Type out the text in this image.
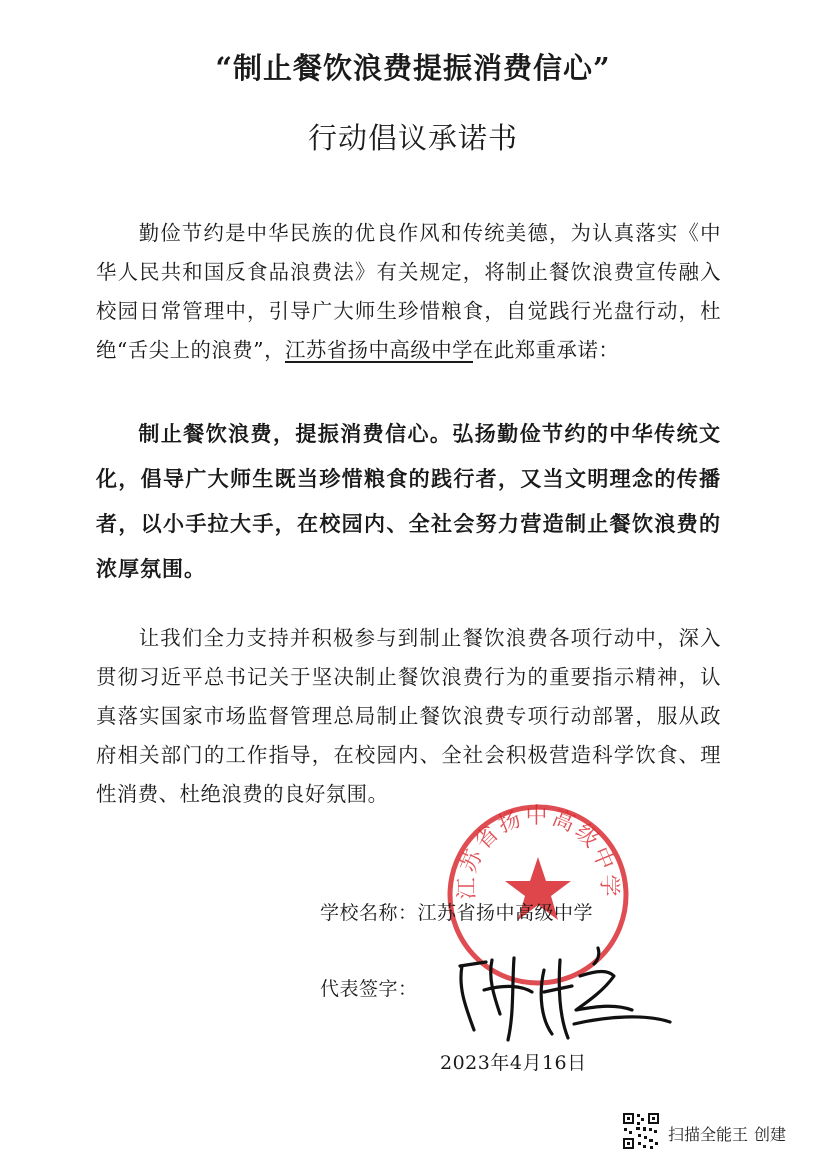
“制止餐饮浪费提振消费信心”
行动倡议承诺书
勤俭节约是中华民族的优良作风和传统美德，为认真落实《中华人民共和国反食品浪费法》有关规定，将制止餐饮浪费宣传融入校园日常管理中，引导广大师生珍惜粮食，自觉践行光盘行动，杜绝“舌尖上的浪费”，江苏省扬中高级中学在此郑重承诺：
制止餐饮浪费，提振消费信心。弘扬勤俭节约的中华传统文化，倡导广大师生既当珍惜粮食的践行者，又当文明理念的传播者，以小手拉大手，在校园内、全社会努力营造制止餐饮浪费的浓厚氛围。
让我们全力支持并积极参与到制止餐饮浪费各项行动中，深入贯彻习近平总书记关于坚决制止餐饮浪费行为的重要指示精神，认真落实国家市场监督管理总局制止餐饮浪费专项行动部署，服从政府相关部门的工作指导，在校园内、全社会积极营造科学饮食、理性消费、杜绝浪费的良好氛围。
江苏省扬中高级中学
学校名称：江苏省扬中高级中学
代表签字：
2023年4月16日
扫描全能王 创建
